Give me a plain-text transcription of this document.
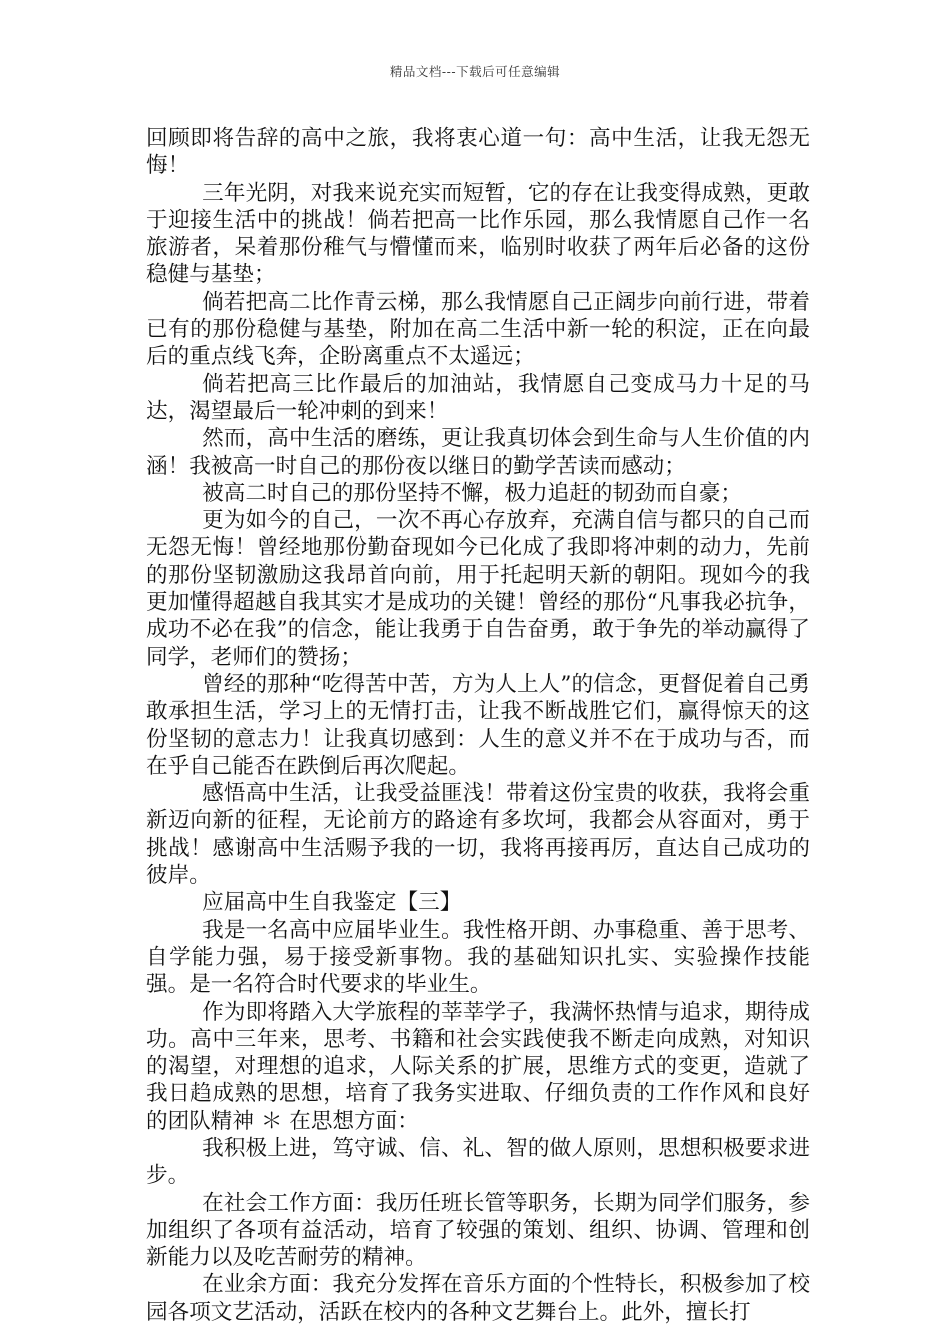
精品文档---下载后可任意编辑

回顾即将告辞的高中之旅，我将衷心道一句：高中生活，让我无怨无悔！

三年光阴，对我来说充实而短暂，它的存在让我变得成熟，更敢于迎接生活中的挑战！倘若把高一比作乐园，那么我情愿自己作一名旅游者，呆着那份稚气与懵懂而来，临别时收获了两年后必备的这份稳健与基垫；

倘若把高二比作青云梯，那么我情愿自己正阔步向前行进，带着已有的那份稳健与基垫，附加在高二生活中新一轮的积淀，正在向最后的重点线飞奔，企盼离重点不太遥远；

倘若把高三比作最后的加油站，我情愿自己变成马力十足的马达，渴望最后一轮冲刺的到来！

然而，高中生活的磨练，更让我真切体会到生命与人生价值的内涵！我被高一时自己的那份夜以继日的勤学苦读而感动；

被高二时自己的那份坚持不懈，极力追赶的韧劲而自豪；

更为如今的自己，一次不再心存放弃，充满自信与都只的自己而无怨无悔！曾经地那份勤奋现如今已化成了我即将冲刺的动力，先前的那份坚韧激励这我昂首向前，用于托起明天新的朝阳。现如今的我更加懂得超越自我其实才是成功的关键！曾经的那份“凡事我必抗争，成功不必在我”的信念，能让我勇于自告奋勇，敢于争先的举动赢得了同学，老师们的赞扬；

曾经的那种“吃得苦中苦，方为人上人”的信念，更督促着自己勇敢承担生活，学习上的无情打击，让我不断战胜它们，赢得惊天的这份坚韧的意志力！让我真切感到：人生的意义并不在于成功与否，而在乎自己能否在跌倒后再次爬起。

感悟高中生活，让我受益匪浅！带着这份宝贵的收获，我将会重新迈向新的征程，无论前方的路途有多坎坷，我都会从容面对，勇于挑战！感谢高中生活赐予我的一切，我将再接再厉，直达自己成功的彼岸。

应届高中生自我鉴定【三】

我是一名高中应届毕业生。我性格开朗、办事稳重、善于思考、自学能力强，易于接受新事物。我的基础知识扎实、实验操作技能强。是一名符合时代要求的毕业生。

作为即将踏入大学旅程的莘莘学子，我满怀热情与追求，期待成功。高中三年来，思考、书籍和社会实践使我不断走向成熟，对知识的渴望，对理想的追求，人际关系的扩展，思维方式的变更，造就了我日趋成熟的思想，培育了我务实进取、仔细负责的工作作风和良好的团队精神 ＊ 在思想方面：

我积极上进，笃守诚、信、礼、智的做人原则，思想积极要求进步。

在社会工作方面：我历任班长管等职务，长期为同学们服务，参加组织了各项有益活动，培育了较强的策划、组织、协调、管理和创新能力以及吃苦耐劳的精神。

在业余方面：我充分发挥在音乐方面的个性特长，积极参加了校园各项文艺活动，活跃在校内的各种文艺舞台上。此外，擅长打
